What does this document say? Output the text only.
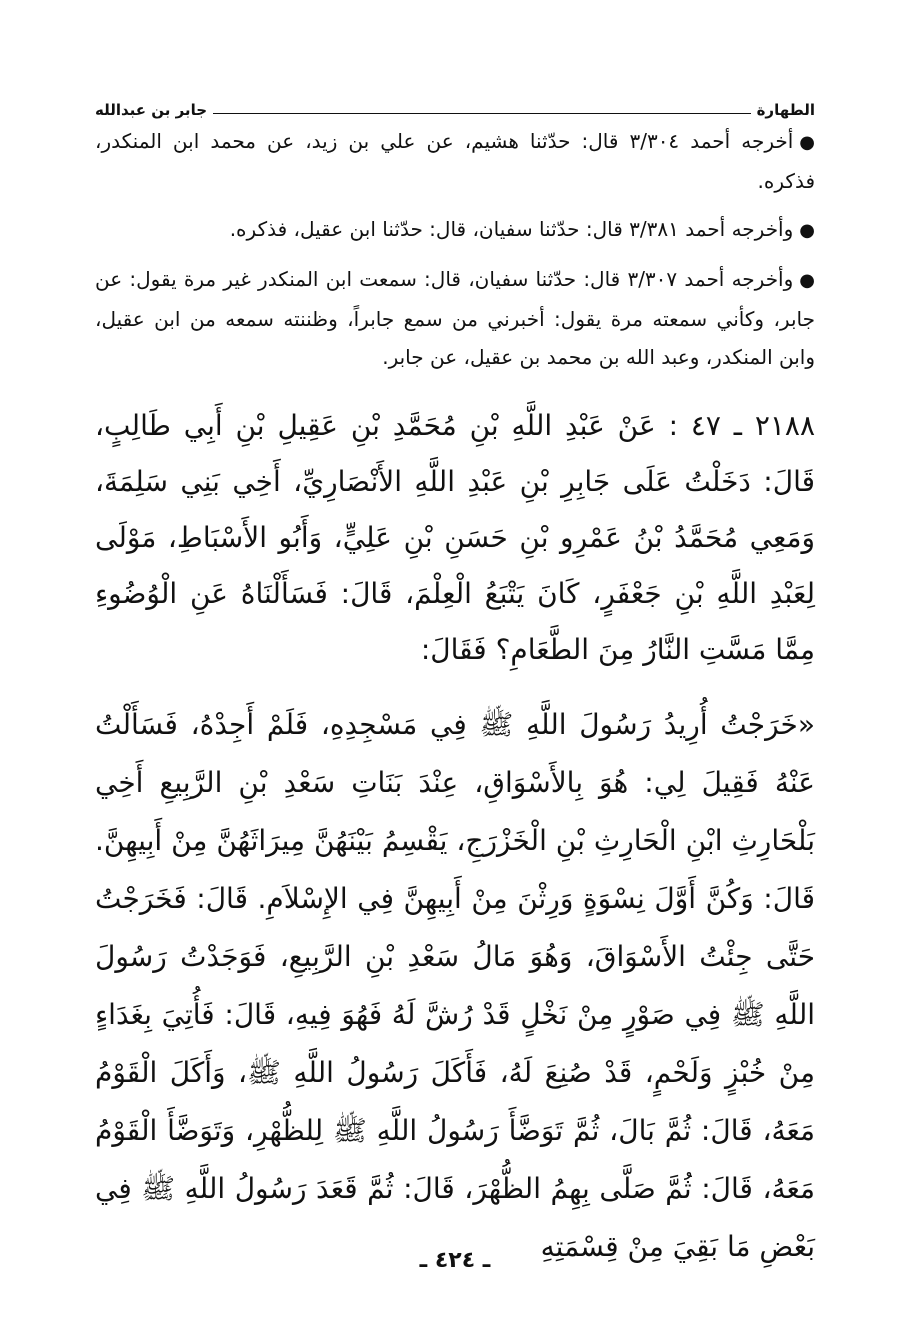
الطهارة
جابر بن عبدالله

●أخرجه أحمد ٣/٣٠٤ قال: حدّثنا هشيم، عن علي بن زيد، عن محمد ابن المنكدر، فذكره.

●وأخرجه أحمد ٣/٣٨١ قال: حدّثنا سفيان، قال: حدّثنا ابن عقيل، فذكره.

●وأخرجه أحمد ٣/٣٠٧ قال: حدّثنا سفيان، قال: سمعت ابن المنكدر غير مرة يقول: عن جابر، وكأني سمعته مرة يقول: أخبرني من سمع جابراً، وظننته سمعه من ابن عقيل، وابن المنكدر، وعبد الله بن محمد بن عقيل، عن جابر.

٢١٨٨ ـ ٤٧ : عَنْ عَبْدِ اللَّهِ بْنِ مُحَمَّدِ بْنِ عَقِيلِ بْنِ أَبِي طَالِبٍ، قَالَ: دَخَلْتُ عَلَى جَابِرِ بْنِ عَبْدِ اللَّهِ الأَنْصَارِيِّ، أَخِي بَنِي سَلِمَةَ، وَمَعِي مُحَمَّدُ بْنُ عَمْرِو بْنِ حَسَنِ بْنِ عَلِيٍّ، وَأَبُو الأَسْبَاطِ، مَوْلَى لِعَبْدِ اللَّهِ بْنِ جَعْفَرٍ، كَانَ يَتْبَعُ الْعِلْمَ، قَالَ: فَسَأَلْنَاهُ عَنِ الْوُضُوءِ مِمَّا مَسَّتِ النَّارُ مِنَ الطَّعَامِ؟ فَقَالَ:

«خَرَجْتُ أُرِيدُ رَسُولَ اللَّهِ ﷺ فِي مَسْجِدِهِ، فَلَمْ أَجِدْهُ، فَسَأَلْتُ عَنْهُ فَقِيلَ لِي: هُوَ بِالأَسْوَاقِ، عِنْدَ بَنَاتِ سَعْدِ بْنِ الرَّبِيعِ أَخِي بَلْحَارِثِ ابْنِ الْحَارِثِ بْنِ الْخَزْرَجِ، يَقْسِمُ بَيْنَهُنَّ مِيرَاثَهُنَّ مِنْ أَبِيهِنَّ. قَالَ: وَكُنَّ أَوَّلَ نِسْوَةٍ وَرِثْنَ مِنْ أَبِيهِنَّ فِي الإِسْلاَمِ. قَالَ: فَخَرَجْتُ حَتَّى جِئْتُ الأَسْوَاقَ، وَهُوَ مَالُ سَعْدِ بْنِ الرَّبِيعِ، فَوَجَدْتُ رَسُولَ اللَّهِ ﷺ فِي صَوْرٍ مِنْ نَخْلٍ قَدْ رُشَّ لَهُ فَهُوَ فِيهِ، قَالَ: فَأُتِيَ بِغَدَاءٍ مِنْ خُبْزٍ وَلَحْمٍ، قَدْ صُنِعَ لَهُ، فَأَكَلَ رَسُولُ اللَّهِ ﷺ، وَأَكَلَ الْقَوْمُ مَعَهُ، قَالَ: ثُمَّ بَالَ، ثُمَّ تَوَضَّأَ رَسُولُ اللَّهِ ﷺ لِلظُّهْرِ، وَتَوَضَّأَ الْقَوْمُ مَعَهُ، قَالَ: ثُمَّ صَلَّى بِهِمُ الظُّهْرَ، قَالَ: ثُمَّ قَعَدَ رَسُولُ اللَّهِ ﷺ فِي بَعْضِ مَا بَقِيَ مِنْ قِسْمَتِهِ

ـ ٤٢٤ ـ
